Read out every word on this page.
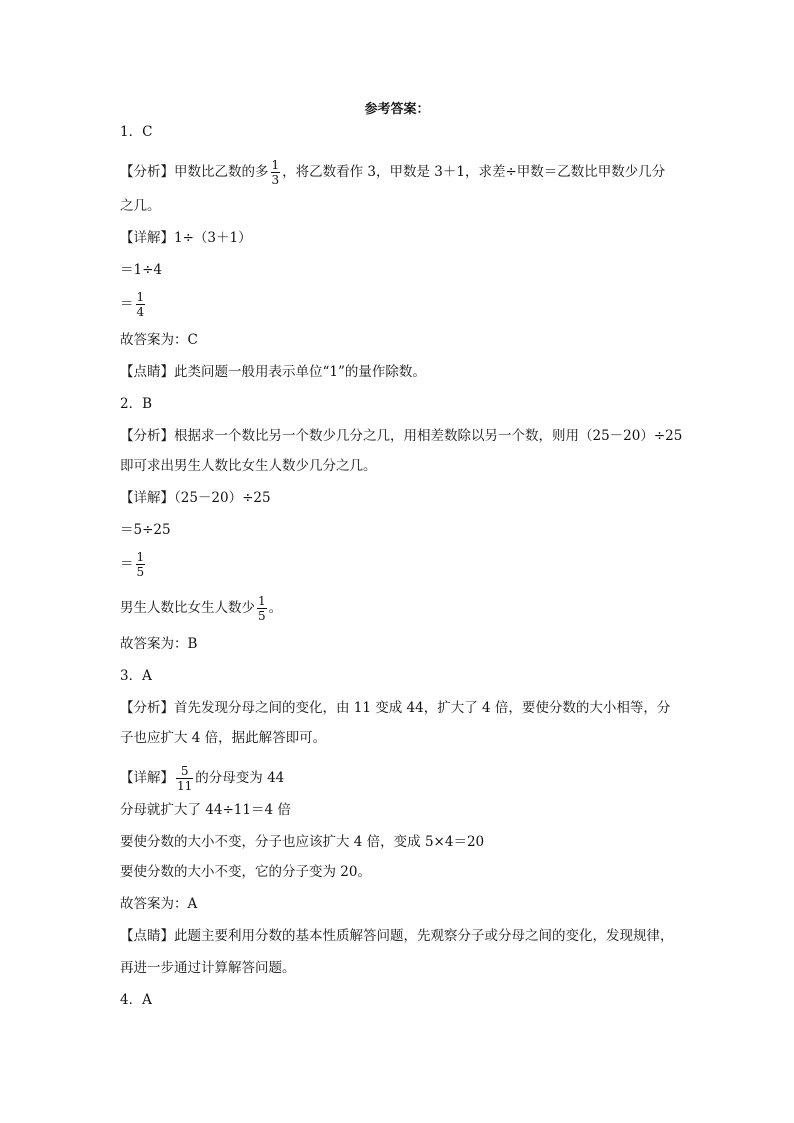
参考答案：
1．C
【分析】甲数比乙数的多 $\frac{1}{3}$ ，将乙数看作 3，甲数是 3＋1，求差÷甲数＝乙数比甲数少几分
之几。
【详解】1÷（3＋1）
＝1÷4
＝ $\frac{1}{4}$
故答案为：C
【点睛】此类问题一般用表示单位“1”的量作除数。
2．B
【分析】根据求一个数比另一个数少几分之几，用相差数除以另一个数，则用（25－20）÷25
即可求出男生人数比女生人数少几分之几。
【详解】（25－20）÷25
＝5÷25
＝ $\frac{1}{5}$
男生人数比女生人数少 $\frac{1}{5}$ 。
故答案为：B
3．A
【分析】首先发现分母之间的变化，由 11 变成 44，扩大了 4 倍，要使分数的大小相等，分
子也应扩大 4 倍，据此解答即可。
【详解】 $\frac{5}{11}$ 的分母变为 44
分母就扩大了 44÷11＝4 倍
要使分数的大小不变，分子也应该扩大 4 倍，变成 5×4＝20
要使分数的大小不变，它的分子变为 20。
故答案为：A
【点睛】此题主要利用分数的基本性质解答问题，先观察分子或分母之间的变化，发现规律，
再进一步通过计算解答问题。
4．A
